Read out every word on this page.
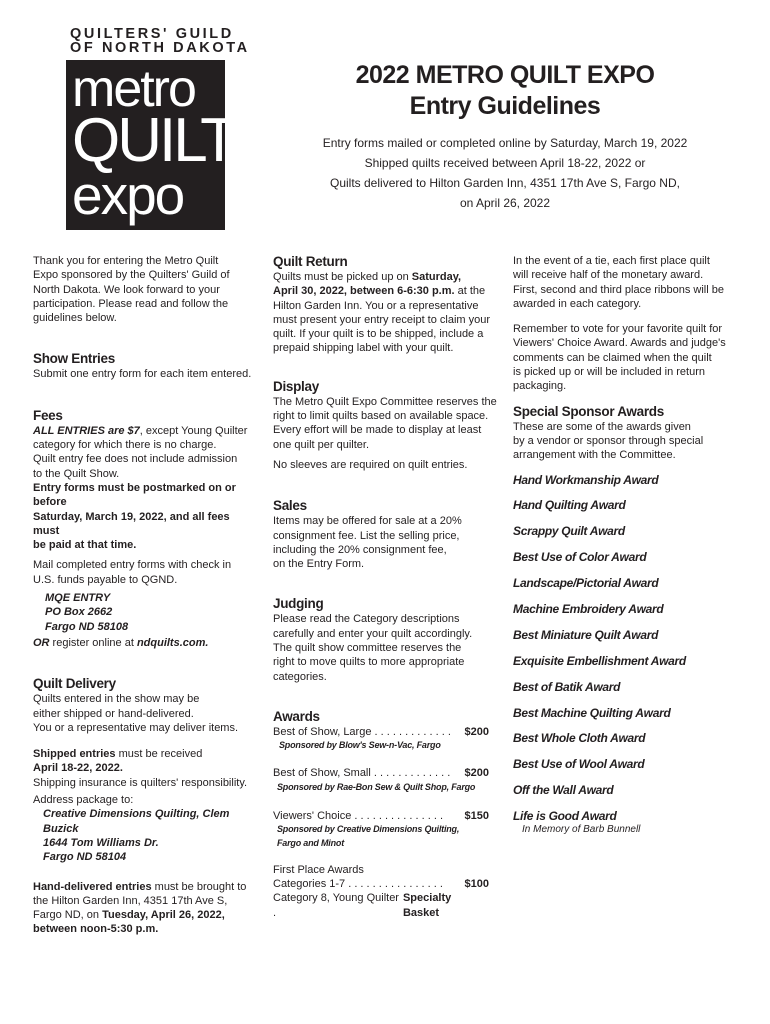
QUILTERS' GUILD
OF NORTH DAKOTA
metro
QUILT
expo
2022 METRO QUILT EXPO
Entry Guidelines
Entry forms mailed or completed online by Saturday, March 19, 2022
Shipped quilts received between April 18-22, 2022 or
Quilts delivered to Hilton Garden Inn, 4351 17th Ave S, Fargo ND,
on April 26, 2022
Thank you for entering the Metro Quilt
Expo sponsored by the Quilters' Guild of
North Dakota. We look forward to your
participation. Please read and follow the
guidelines below.
Show Entries
Submit one entry form for each item entered.
Fees
ALL ENTRIES are $7, except Young Quilter
category for which there is no charge.
Quilt entry fee does not include admission
to the Quilt Show.
Entry forms must be postmarked on or before
Saturday, March 19, 2022, and all fees must
be paid at that time.
Mail completed entry forms with check in
U.S. funds payable to QGND.
MQE ENTRY
PO Box 2662
Fargo ND 58108
OR register online at ndquilts.com.
Quilt Delivery
Quilts entered in the show may be
either shipped or hand-delivered.
You or a representative may deliver items.
Shipped entries must be received
April 18-22, 2022.
Shipping insurance is quilters' responsibility.
Address package to:
Creative Dimensions Quilting, Clem Buzick
1644 Tom Williams Dr.
Fargo ND 58104
Hand-delivered entries must be brought to
the Hilton Garden Inn, 4351 17th Ave S,
Fargo ND, on Tuesday, April 26, 2022,
between noon-5:30 p.m.
Quilt Return
Quilts must be picked up on Saturday,
April 30, 2022, between 6-6:30 p.m. at the
Hilton Garden Inn. You or a representative
must present your entry receipt to claim your
quilt. If your quilt is to be shipped, include a
prepaid shipping label with your quilt.
Display
The Metro Quilt Expo Committee reserves the
right to limit quilts based on available space.
Every effort will be made to display at least
one quilt per quilter.
No sleeves are required on quilt entries.
Sales
Items may be offered for sale at a 20%
consignment fee. List the selling price,
including the 20% consignment fee,
on the Entry Form.
Judging
Please read the Category descriptions
carefully and enter your quilt accordingly.
The quilt show committee reserves the
right to move quilts to more appropriate
categories.
Awards
Best of Show, Large . . . . . . . . . . . . . $200
Sponsored by Blow's Sew-n-Vac, Fargo
Best of Show, Small . . . . . . . . . . . . . $200
Sponsored by Rae-Bon Sew & Quilt Shop, Fargo
Viewers' Choice . . . . . . . . . . . . . . . $150
Sponsored by Creative Dimensions Quilting,
Fargo and Minot
First Place Awards
Categories 1-7 . . . . . . . . . . . . . . . . $100
Category 8, Young Quilter .
Specialty Basket
In the event of a tie, each first place quilt
will receive half of the monetary award.
First, second and third place ribbons will be
awarded in each category.
Remember to vote for your favorite quilt for
Viewers' Choice Award. Awards and judge's
comments can be claimed when the quilt
is picked up or will be included in return
packaging.
Special Sponsor Awards
These are some of the awards given
by a vendor or sponsor through special
arrangement with the Committee.
Hand Workmanship Award
Hand Quilting Award
Scrappy Quilt Award
Best Use of Color Award
Landscape/Pictorial Award
Machine Embroidery Award
Best Miniature Quilt Award
Exquisite Embellishment Award
Best of Batik Award
Best Machine Quilting Award
Best Whole Cloth Award
Best Use of Wool Award
Off the Wall Award
Life is Good Award
In Memory of Barb Bunnell
